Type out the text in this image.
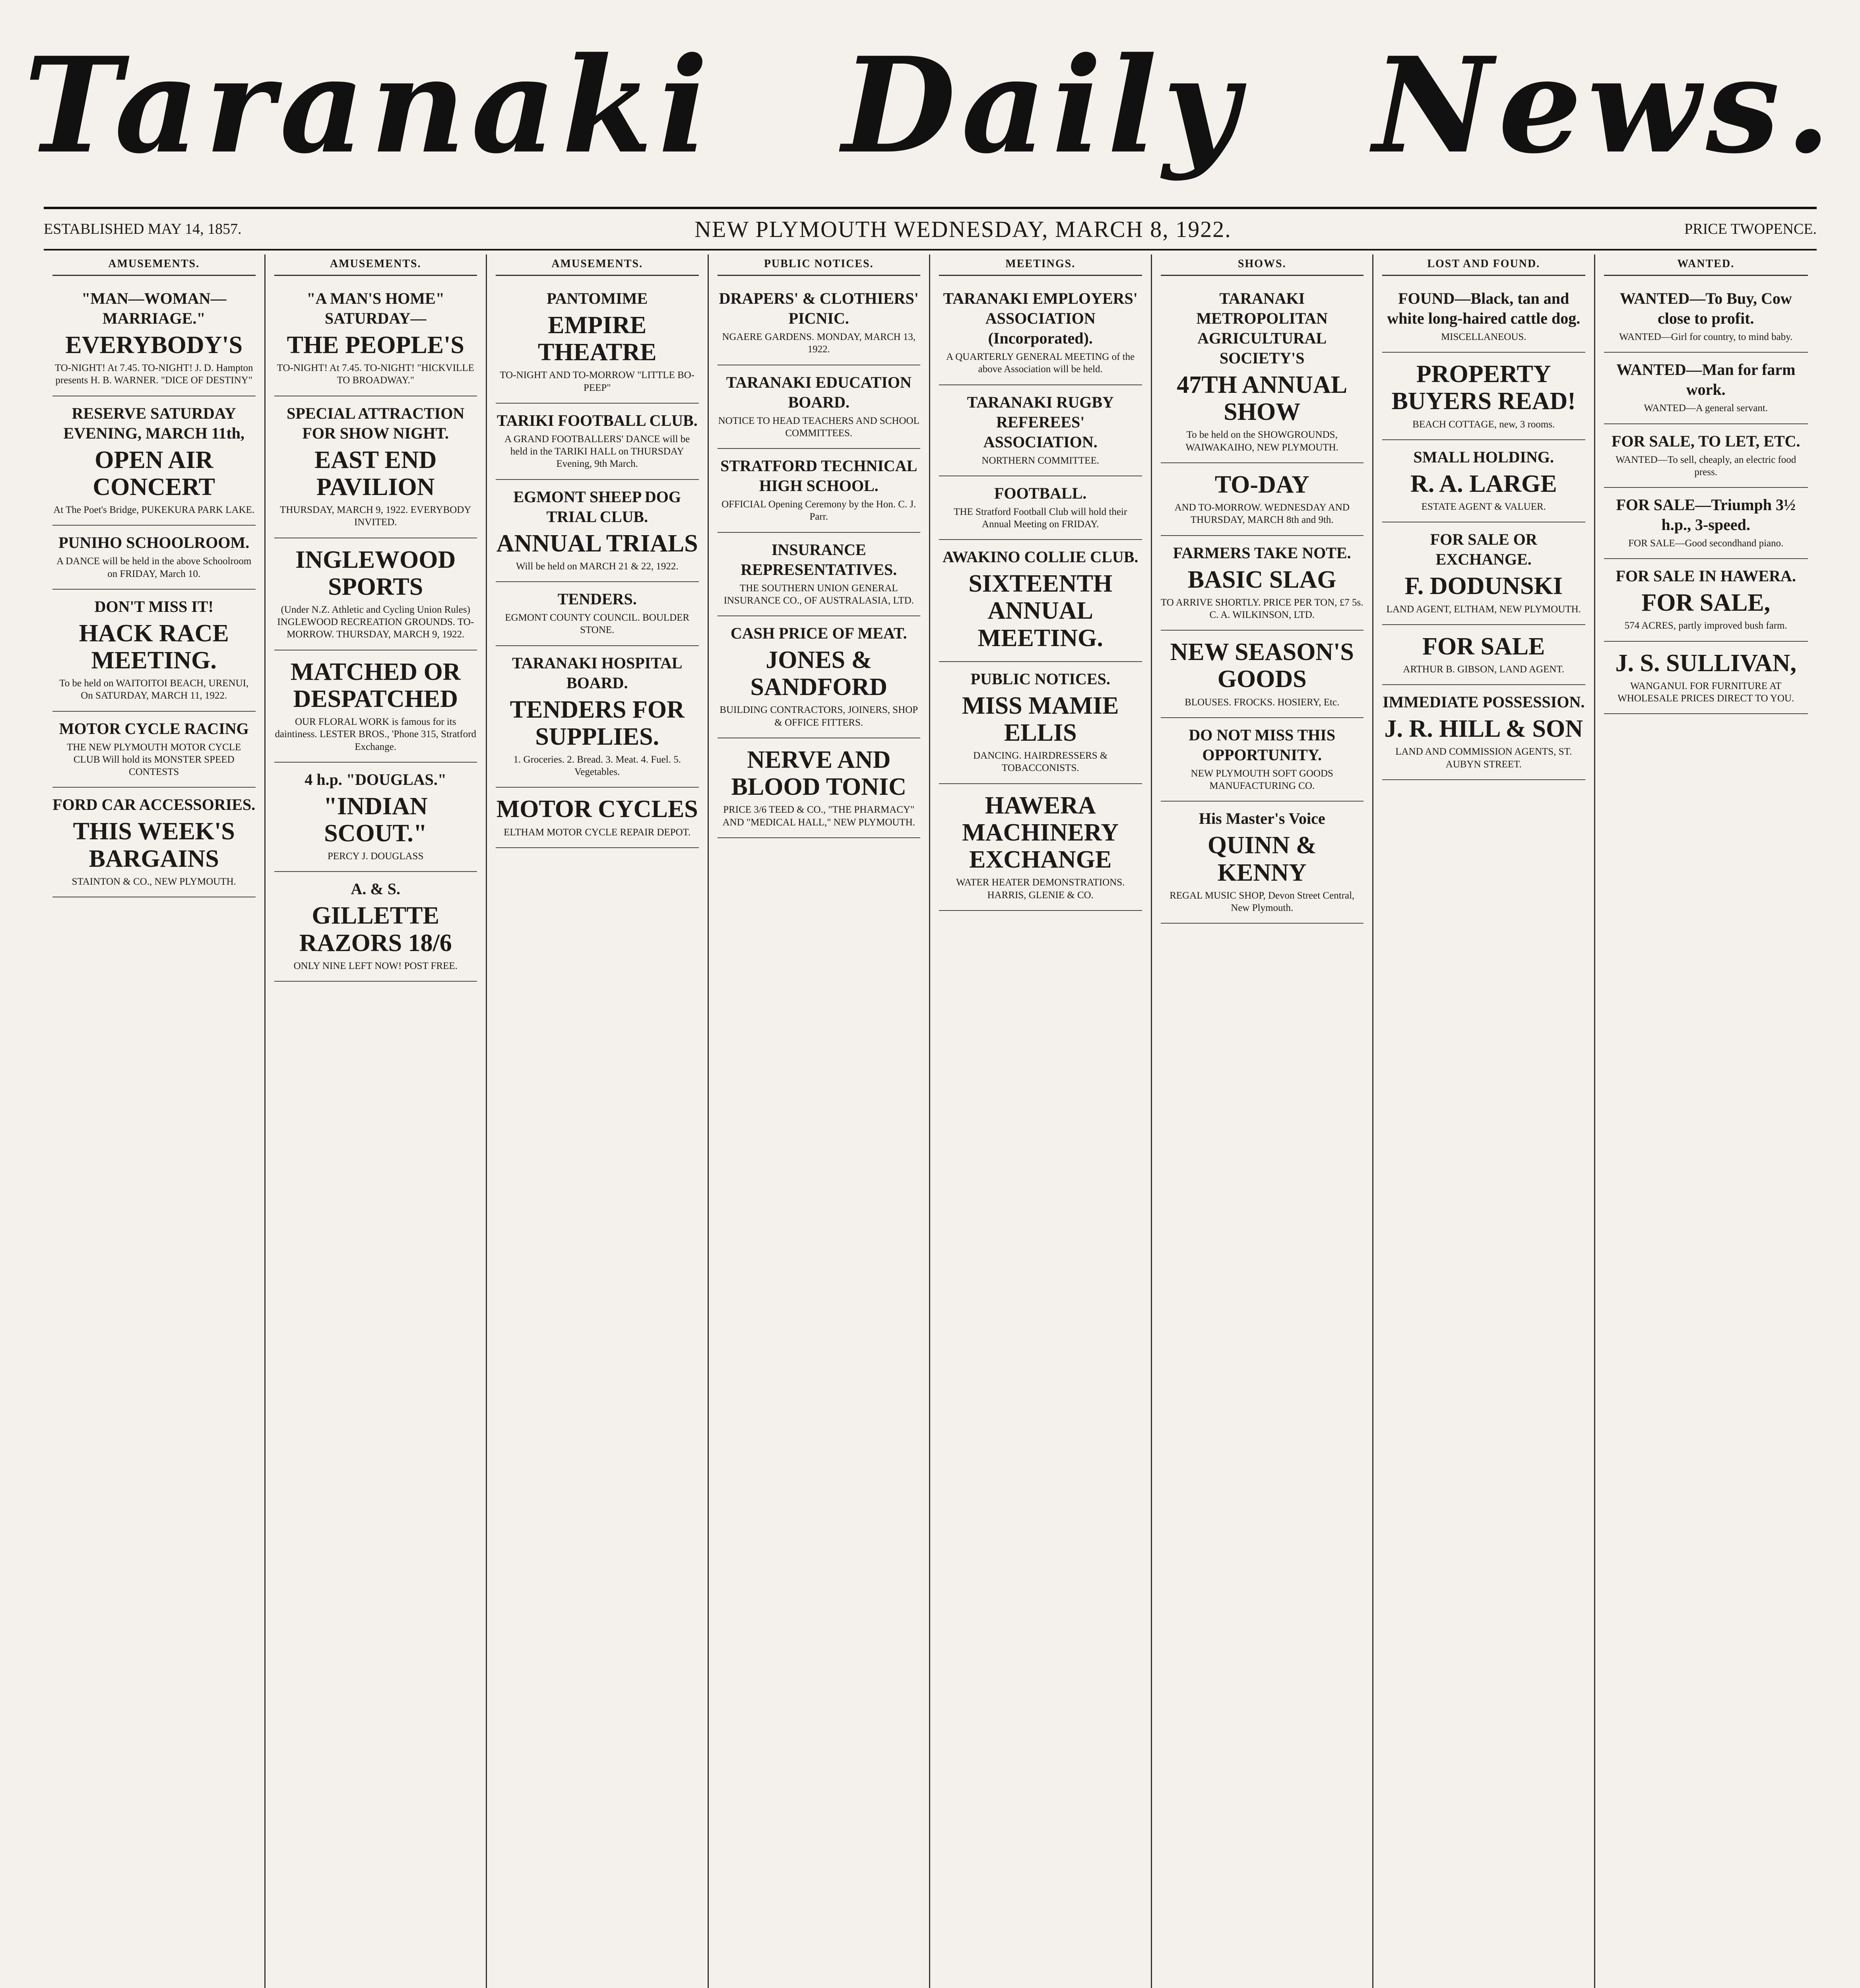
Taranaki Daily News.
ESTABLISHED MAY 14, 1857.	NEW PLYMOUTH WEDNESDAY, MARCH 8, 1922.	PRICE TWOPENCE.
AMUSEMENTS.

"MAN—WOMAN—MARRIAGE."

EVERYBODY'S

TO-NIGHT! At 7.45. TO-NIGHT! J. D. Hampton presents H. B. WARNER. "DICE OF DESTINY"

RESERVE SATURDAY EVENING, MARCH 11th,

OPEN AIR CONCERT

At The Poet's Bridge, PUKEKURA PARK LAKE.

PUNIHO SCHOOLROOM.

A DANCE will be held in the above Schoolroom on FRIDAY, March 10.

DON'T MISS IT!

HACK RACE MEETING.

To be held on WAITOITOI BEACH, URENUI, On SATURDAY, MARCH 11, 1922.

MOTOR CYCLE RACING

THE NEW PLYMOUTH MOTOR CYCLE CLUB Will hold its MONSTER SPEED CONTESTS

FORD CAR ACCESSORIES.

THIS WEEK'S BARGAINS

STAINTON & CO., NEW PLYMOUTH.

AMUSEMENTS.

"A MAN'S HOME" SATURDAY—

THE PEOPLE'S

TO-NIGHT! At 7.45. TO-NIGHT! "HICKVILLE TO BROADWAY."

SPECIAL ATTRACTION FOR SHOW NIGHT.

EAST END PAVILION

THURSDAY, MARCH 9, 1922. EVERYBODY INVITED.

INGLEWOOD SPORTS

(Under N.Z. Athletic and Cycling Union Rules) INGLEWOOD RECREATION GROUNDS. TO-MORROW. THURSDAY, MARCH 9, 1922.

MATCHED OR DESPATCHED

OUR FLORAL WORK is famous for its daintiness. LESTER BROS., 'Phone 315, Stratford Exchange.

4 h.p. "DOUGLAS."

"INDIAN SCOUT."

PERCY J. DOUGLASS

A. & S.

GILLETTE RAZORS 18/6

ONLY NINE LEFT NOW! POST FREE.

AMUSEMENTS.

PANTOMIME

EMPIRE THEATRE

TO-NIGHT AND TO-MORROW "LITTLE BO-PEEP"

TARIKI FOOTBALL CLUB.

A GRAND FOOTBALLERS' DANCE will be held in the TARIKI HALL on THURSDAY Evening, 9th March.

EGMONT SHEEP DOG TRIAL CLUB.

ANNUAL TRIALS

Will be held on MARCH 21 & 22, 1922.

TENDERS.

EGMONT COUNTY COUNCIL. BOULDER STONE.

TARANAKI HOSPITAL BOARD.

TENDERS FOR SUPPLIES.

1. Groceries. 2. Bread. 3. Meat. 4. Fuel. 5. Vegetables.

MOTOR CYCLES

ELTHAM MOTOR CYCLE REPAIR DEPOT.

PUBLIC NOTICES.

DRAPERS' & CLOTHIERS' PICNIC.

NGAERE GARDENS. MONDAY, MARCH 13, 1922.

TARANAKI EDUCATION BOARD.

NOTICE TO HEAD TEACHERS AND SCHOOL COMMITTEES.

STRATFORD TECHNICAL HIGH SCHOOL.

OFFICIAL Opening Ceremony by the Hon. C. J. Parr.

INSURANCE REPRESENTATIVES.

THE SOUTHERN UNION GENERAL INSURANCE CO., OF AUSTRALASIA, LTD.

CASH PRICE OF MEAT.

JONES & SANDFORD

BUILDING CONTRACTORS, JOINERS, SHOP & OFFICE FITTERS.

NERVE AND BLOOD TONIC

PRICE 3/6 TEED & CO., "THE PHARMACY" AND "MEDICAL HALL," NEW PLYMOUTH.

MEETINGS.

TARANAKI EMPLOYERS' ASSOCIATION (Incorporated).

A QUARTERLY GENERAL MEETING of the above Association will be held.

TARANAKI RUGBY REFEREES' ASSOCIATION.

NORTHERN COMMITTEE.

FOOTBALL.

THE Stratford Football Club will hold their Annual Meeting on FRIDAY.

AWAKINO COLLIE CLUB.

SIXTEENTH ANNUAL MEETING.

PUBLIC NOTICES.

MISS MAMIE ELLIS

DANCING. HAIRDRESSERS & TOBACCONISTS.

HAWERA MACHINERY EXCHANGE

WATER HEATER DEMONSTRATIONS. HARRIS, GLENIE & CO.

SHOWS.

TARANAKI METROPOLITAN AGRICULTURAL SOCIETY'S

47TH ANNUAL SHOW

To be held on the SHOWGROUNDS, WAIWAKAIHO, NEW PLYMOUTH.

TO-DAY

AND TO-MORROW. WEDNESDAY AND THURSDAY, MARCH 8th and 9th.

FARMERS TAKE NOTE.

BASIC SLAG

TO ARRIVE SHORTLY. PRICE PER TON, £7 5s. C. A. WILKINSON, LTD.

NEW SEASON'S GOODS

BLOUSES. FROCKS. HOSIERY, Etc.

DO NOT MISS THIS OPPORTUNITY.

NEW PLYMOUTH SOFT GOODS MANUFACTURING CO.

His Master's Voice

QUINN & KENNY

REGAL MUSIC SHOP, Devon Street Central, New Plymouth.

LOST AND FOUND.

FOUND—Black, tan and white long-haired cattle dog.

MISCELLANEOUS.

PROPERTY BUYERS READ!

BEACH COTTAGE, new, 3 rooms.

SMALL HOLDING.

R. A. LARGE

ESTATE AGENT & VALUER.

FOR SALE OR EXCHANGE.

F. DODUNSKI

LAND AGENT, ELTHAM, NEW PLYMOUTH.

FOR SALE

ARTHUR B. GIBSON, LAND AGENT.

IMMEDIATE POSSESSION.

J. R. HILL & SON

LAND AND COMMISSION AGENTS, ST. AUBYN STREET.

WANTED.

WANTED—To Buy, Cow close to profit.

WANTED—Girl for country, to mind baby.

WANTED—Man for farm work.

WANTED—A general servant.

FOR SALE, TO LET, ETC.

WANTED—To sell, cheaply, an electric food press.

FOR SALE—Triumph 3½ h.p., 3-speed.

FOR SALE—Good secondhand piano.

FOR SALE IN HAWERA.

FOR SALE,

574 ACRES, partly improved bush farm.

J. S. SULLIVAN,

WANGANUI. FOR FURNITURE AT WHOLESALE PRICES DIRECT TO YOU.
